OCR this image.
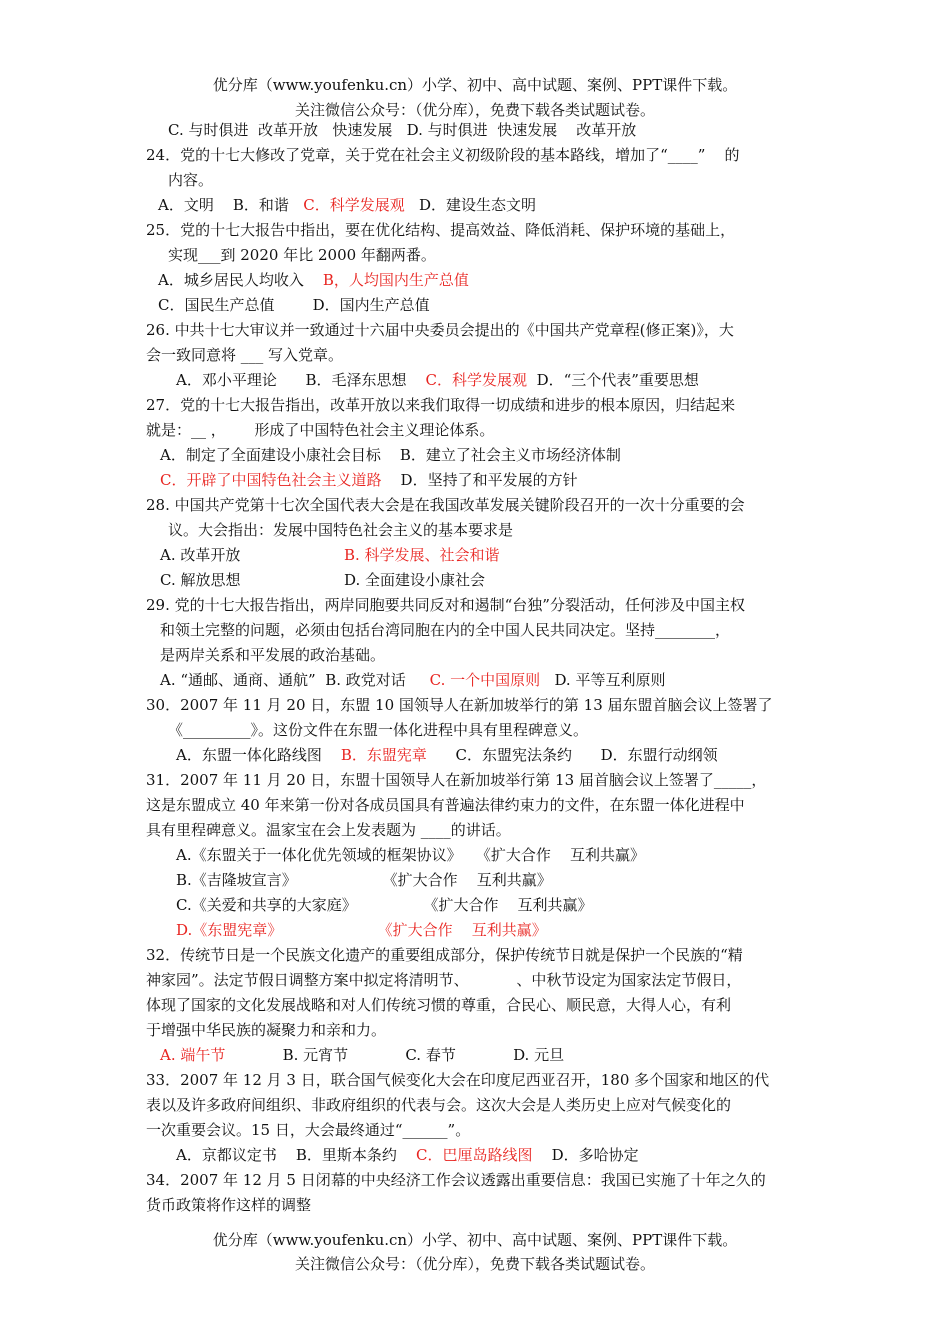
优分库（www.youfenku.cn）小学、初中、高中试题、案例、PPT课件下载。
关注微信公众号：（优分库），免费下载各类试题试卷。
C. 与时俱进  改革开放   快速发展   D. 与时俱进  快速发展    改革开放
24．党的十七大修改了党章，关于党在社会主义初级阶段的基本路线，增加了“____”    的
内容。
A．文明    B．和谐   C．科学发展观   D．建设生态文明
25．党的十七大报告中指出，要在优化结构、提高效益、降低消耗、保护环境的基础上，
实现___到 2020 年比 2000 年翻两番。
A．城乡居民人均收入    B，人均国内生产总值
C．国民生产总值        D．国内生产总值
26. 中共十七大审议并一致通过十六届中央委员会提出的《中国共产党章程(修正案)》，大
会一致同意将 ___ 写入党章。
A．邓小平理论      B．毛泽东思想    C．科学发展观  D．“三个代表”重要思想
27．党的十七大报告指出，改革开放以来我们取得一切成绩和进步的根本原因，归结起来
就是：__ ，      形成了中国特色社会主义理论体系。
A．制定了全面建设小康社会目标    B．建立了社会主义市场经济体制
C．开辟了中国特色社会主义道路    D．坚持了和平发展的方针
28. 中国共产党第十七次全国代表大会是在我国改革发展关键阶段召开的一次十分重要的会
议。大会指出：发展中国特色社会主义的基本要求是
A. 改革开放	B. 科学发展、社会和谐
C. 解放思想	D. 全面建设小康社会
29. 党的十七大报告指出，两岸同胞要共同反对和遏制“台独”分裂活动，任何涉及中国主权
和领土完整的问题，必须由包括台湾同胞在内的全中国人民共同决定。坚持________，
是两岸关系和平发展的政治基础。
A. “通邮、通商、通航”  B. 政党对话     C. 一个中国原则   D. 平等互利原则
30．2007 年 11 月 20 日，东盟 10 国领导人在新加坡举行的第 13 届东盟首脑会议上签署了
《_________》。这份文件在东盟一体化进程中具有里程碑意义。
A．东盟一体化路线图    B．东盟宪章      C．东盟宪法条约      D．东盟行动纲领
31．2007 年 11 月 20 日，东盟十国领导人在新加坡举行第 13 届首脑会议上签署了_____，
这是东盟成立 40 年来第一份对各成员国具有普遍法律约束力的文件，在东盟一体化进程中
具有里程碑意义。温家宝在会上发表题为 ____的讲话。
A.《东盟关于一体化优先领域的框架协议》   《扩大合作    互利共赢》
B.《吉隆坡宣言》                  《扩大合作    互利共赢》
C.《关爱和共享的大家庭》              《扩大合作    互利共赢》
D.《东盟宪章》                    《扩大合作    互利共赢》
32．传统节日是一个民族文化遗产的重要组成部分，保护传统节日就是保护一个民族的“精
神家园”。法定节假日调整方案中拟定将清明节、          、中秋节设定为国家法定节假日，
体现了国家的文化发展战略和对人们传统习惯的尊重，合民心、顺民意，大得人心，有利
于增强中华民族的凝聚力和亲和力。
A. 端午节	B. 元宵节            C. 春节            D. 元旦
33．2007 年 12 月 3 日，联合国气候变化大会在印度尼西亚召开，180 多个国家和地区的代
表以及许多政府间组织、非政府组织的代表与会。这次大会是人类历史上应对气候变化的
一次重要会议。15 日，大会最终通过“______”。
A．京都议定书    B．里斯本条约    C．巴厘岛路线图    D．多哈协定
34．2007 年 12 月 5 日闭幕的中央经济工作会议透露出重要信息：我国已实施了十年之久的
货币政策将作这样的调整
优分库（www.youfenku.cn）小学、初中、高中试题、案例、PPT课件下载。
关注微信公众号：（优分库），免费下载各类试题试卷。
